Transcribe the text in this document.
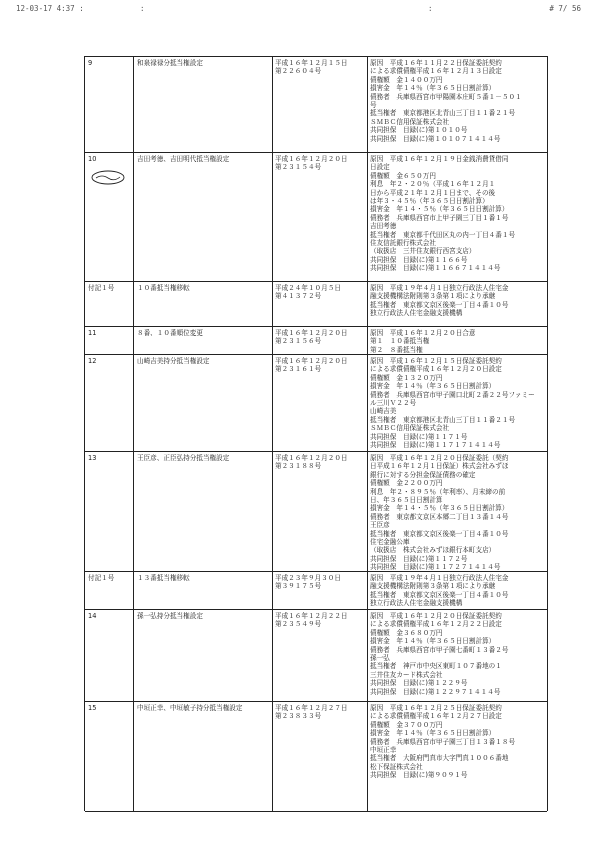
12-03-17 4:37 :	:	:	# 7/ 56
9	和泉禄禄分抵当権設定	平成１６年１２月１５日
第２２６０４号
原因　平成１６年１１月２２日保証委託契約
による求償債権平成１６年１２月１３日設定
債権額　金１４００万円
損害金　年１４％（年３６５日日割計算）
債務者　兵庫県西宮市甲陽園本庄町５番１－５０１
号
抵当権者　東京都港区北青山三丁目１１番２１号
ＳＭＢＣ信用保証株式会社
共同担保　目録(に)第１０１０号
共同担保　目録(に)第１０１０７１４１４号
10	吉田考徳、吉田明代抵当権設定	平成１６年１２月２０日
第２３１５４号
原因　平成１６年１２月１９日金銭消費貸借同
日設定
債権額　金６５０万円
利息　年２・２０％（平成１６年１２月１
日から平成２１年１２月１日まで、その後
は年３・４５％（年３６５日日割計算）
損害金　年１４・５％（年３６５日日割計算）
債務者　兵庫県西宮市上甲子園三丁目１番１号
吉田考徳
抵当権者　東京都千代田区丸の内一丁目４番１号
住友信託銀行株式会社
（取扱店　三井住友銀行西宮支店）
共同担保　目録(に)第１１６６号
共同担保　目録(に)第１１６６７１４１４号
付記１号	１０番抵当権移転	平成２４年１０月５日
第４１３７２号
原因　平成１９年４月１日独立行政法人住宅金
融支援機構法附則第３条第１項により承継
抵当権者　東京都文京区後楽一丁目４番１０号
独立行政法人住宅金融支援機構
11	８番、１０番順位変更	平成１６年１２月２０日
第２３１５６号
原因　平成１６年１２月２０日合意
第１　１０番抵当権
第２　８番抵当権
12	山崎吉美持分抵当権設定	平成１６年１２月２０日
第２３１６１号
原因　平成１６年１２月１５日保証委託契約
による求償債権平成１６年１２月２０日設定
債権額　金１３２０万円
損害金　年１４％（年３６５日日割計算）
債務者　兵庫県西宮市甲子園口北町２番２２号ファミー
ル三川Ｖ２２号
山崎吉美
抵当権者　東京都港区北青山三丁目１１番２１号
ＳＭＢＣ信用保証株式会社
共同担保　目録(に)第１１７１号
共同担保　目録(に)第１１７１７１４１４号
13	王臣彦、正臣弘持分抵当権設定	平成１６年１２月２０日
第２３１８８号
原因　平成１６年１２月２０日保証委託（契約
日平成１６年１２月１日保証）株式会社みずほ
銀行に対する分担金保証債務の確定
債権額　金２２００万円
利息　年２・８９５％（年利率）、月末締の前
日、年３６５日日割計算
損害金　年１４・５％（年３６５日日割計算）
債務者　東京都文京区本郷二丁目１３番１４号
王臣彦
抵当権者　東京都文京区後楽一丁目４番１０号
住宅金融公庫
（取扱店　株式会社みずほ銀行本町支店）
共同担保　目録(に)第１１７２号
共同担保　目録(に)第１１７２７１４１４号
付記１号	１３番抵当権移転	平成２３年９月３０日
第３９１７５号
原因　平成１９年４月１日独立行政法人住宅金
融支援機構法附則第３条第１項により承継
抵当権者　東京都文京区後楽一丁目４番１０号
独立行政法人住宅金融支援機構
14	孫一弘持分抵当権設定	平成１６年１２月２２日
第２３５４９号
原因　平成１６年１２月２０日保証委託契約
による求償債権平成１６年１２月２２日設定
債権額　金３６８０万円
損害金　年１４％（年３６５日日割計算）
債務者　兵庫県西宮市甲子園七番町１３番２号
孫一弘
抵当権者　神戸市中央区東町１０７番地の１
三井住友カード株式会社
共同担保　目録(に)第１２２９号
共同担保　目録(に)第１２２９７１４１４号
15	中垣正幸、中垣敏子持分抵当権設定	平成１６年１２月２７日
第２３８３３号
原因　平成１６年１２月２５日保証委託契約
による求償債権平成１６年１２月２７日設定
債権額　金３７００万円
損害金　年１４％（年３６５日日割計算）
債務者　兵庫県西宮市甲子園三丁目１３番１８号
中垣正幸
抵当権者　大阪府門真市大字門真１００６番地
松下保証株式会社
共同担保　目録(に)第９０９１号
